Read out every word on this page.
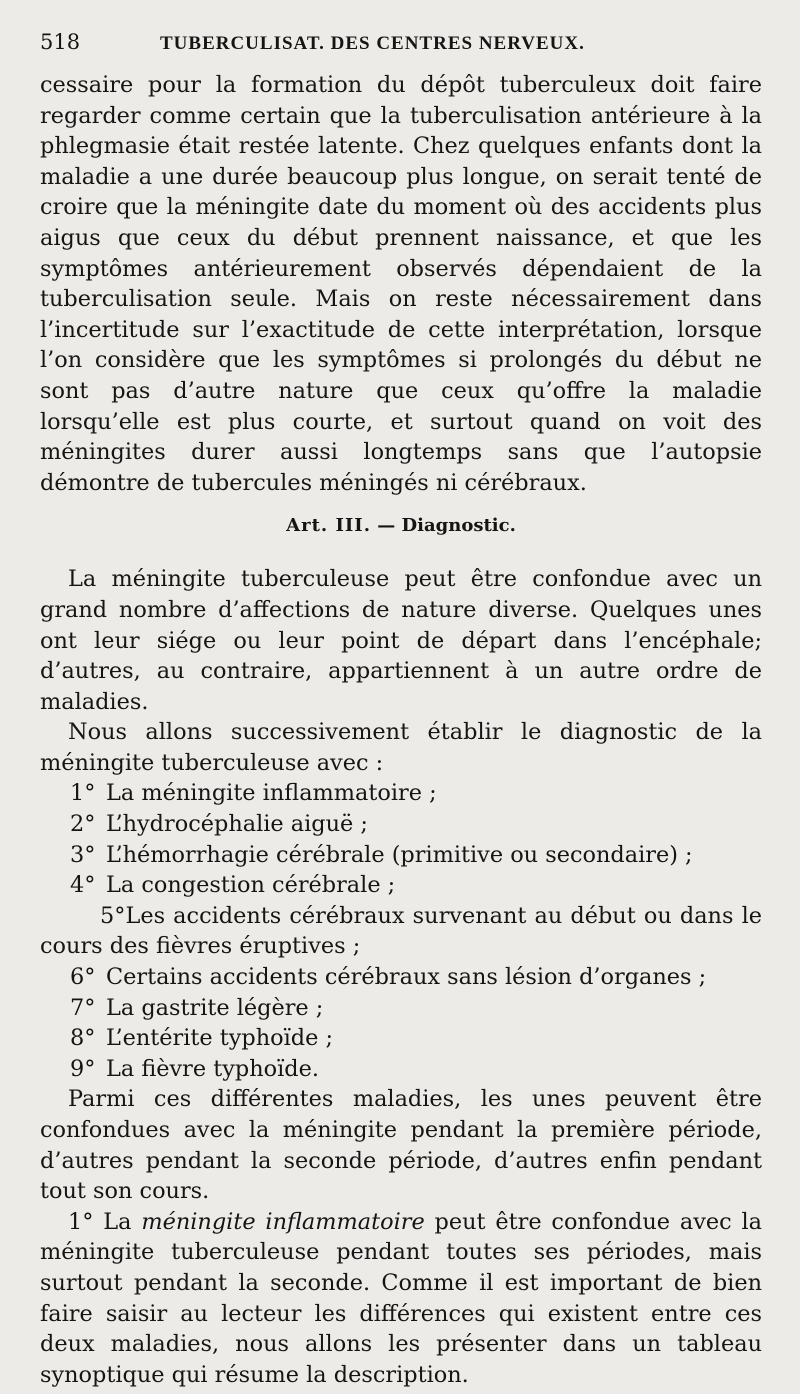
518	TUBERCULISAT. DES CENTRES NERVEUX.

cessaire pour la formation du dépôt tuberculeux doit faire regarder comme certain que la tuberculisation antérieure à la phlegmasie était restée latente. Chez quelques enfants dont la maladie a une durée beaucoup plus longue, on serait tenté de croire que la méningite date du moment où des accidents plus aigus que ceux du début prennent naissance, et que les symptômes antérieurement observés dépendaient de la tuberculisation seule. Mais on reste nécessairement dans l’incertitude sur l’exactitude de cette interprétation, lorsque l’on considère que les symptômes si prolongés du début ne sont pas d’autre nature que ceux qu’offre la maladie lorsqu’elle est plus courte, et surtout quand on voit des méningites durer aussi longtemps sans que l’autopsie démontre de tubercules méningés ni cérébraux.

Art. III. — Diagnostic.

La méningite tuberculeuse peut être confondue avec un grand nombre d’affections de nature diverse. Quelques unes ont leur siége ou leur point de départ dans l’encéphale; d’autres, au contraire, appartiennent à un autre ordre de maladies.

Nous allons successivement établir le diagnostic de la méningite tuberculeuse avec :

1° La méningite inflammatoire ;
2° L’hydrocéphalie aiguë ;
3° L’hémorrhagie cérébrale (primitive ou secondaire) ;
4° La congestion cérébrale ;
5°Les accidents cérébraux survenant au début ou dans le cours des fièvres éruptives ;
6° Certains accidents cérébraux sans lésion d’organes ;
7° La gastrite légère ;
8° L’entérite typhoïde ;
9° La fièvre typhoïde.

Parmi ces différentes maladies, les unes peuvent être confondues avec la méningite pendant la première période, d’autres pendant la seconde période, d’autres enfin pendant tout son cours.

1° La méningite inflammatoire peut être confondue avec la méningite tuberculeuse pendant toutes ses périodes, mais surtout pendant la seconde. Comme il est important de bien faire saisir au lecteur les différences qui existent entre ces deux maladies, nous allons les présenter dans un tableau synoptique qui résume la description.
